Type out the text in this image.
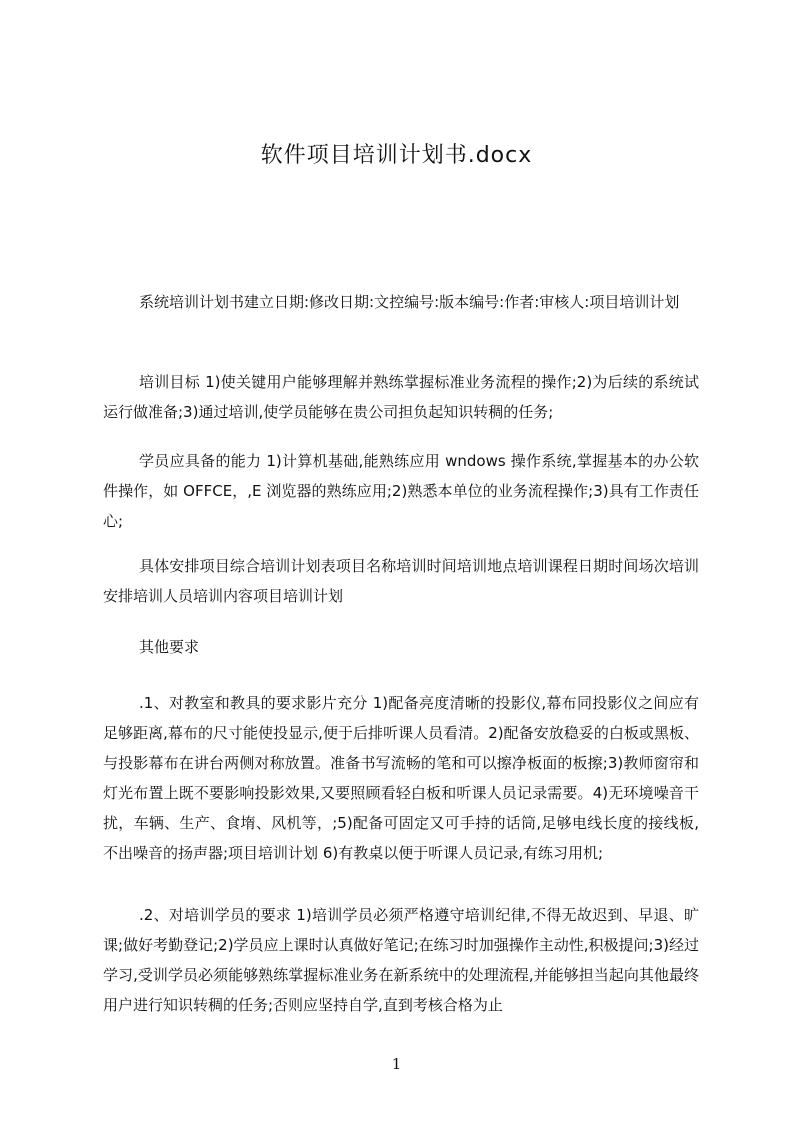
软件项目培训计划书.docx

系统培训计划书建立日期:修改日期:文控编号:版本编号:作者:审核人:项目培训计划

培训目标 1)使关键用户能够理解并熟练掌握标准业务流程的操作;2)为后续的系统试运行做准备;3)通过培训,使学员能够在贵公司担负起知识转稠的任务;

学员应具备的能力 1)计算机基础,能熟练应用 wndows 操作系统,掌握基本的办公软件操作，如 OFFCE，,E 浏览器的熟练应用;2)熟悉本单位的业务流程操作;3)具有工作责任心;

具体安排项目综合培训计划表项目名称培训时间培训地点培训课程日期时间场次培训安排培训人员培训内容项目培训计划

其他要求

.1、对教室和教具的要求影片充分 1)配备亮度清晰的投影仪,幕布同投影仪之间应有足够距离,幕布的尺寸能使投显示,便于后排听课人员看清。2)配备安放稳妥的白板或黑板、与投影幕布在讲台两侧对称放置。准备书写流畅的笔和可以擦净板面的板擦;3)教师窗帘和灯光布置上既不要影响投影效果,又要照顾看轻白板和听课人员记录需要。4)无环境噪音干扰，车辆、生产、食堶、风机等，;5)配备可固定又可手持的话筒,足够电线长度的接线板,不出噪音的扬声器;项目培训计划 6)有教桌以便于听课人员记录,有练习用机;

.2、对培训学员的要求 1)培训学员必须严格遵守培训纪律,不得无故迟到、早退、旷课;做好考勤登记;2)学员应上课时认真做好笔记;在练习时加强操作主动性,积极提问;3)经过学习,受训学员必须能够熟练掌握标准业务在新系统中的处理流程,并能够担当起向其他最终用户进行知识转稠的任务;否则应坚持自学,直到考核合格为止

1
